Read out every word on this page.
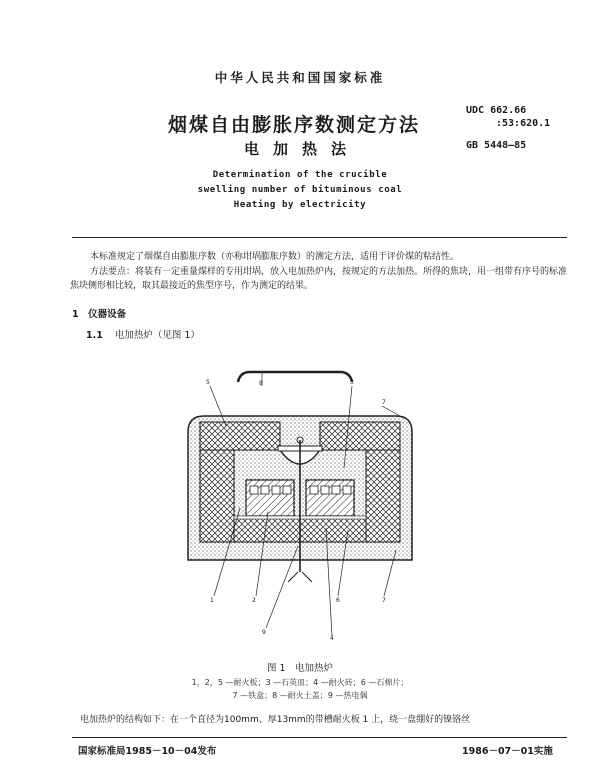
中华人民共和国国家标准
烟煤自由膨胀序数测定方法
电加热法
UDC 662.66
:53:620.1
GB 5448—85
Determination of the crucible
swelling number of bituminous coal
Heating by electricity
本标准规定了烟煤自由膨胀序数（亦称坩埚膨胀序数）的测定方法，适用于评价煤的粘结性。
方法要点：将装有一定重量煤样的专用坩埚，放入电加热炉内，按规定的方法加热。所得的焦块，用一组带有序号的标准焦块侧形相比较，取其最接近的焦型序号，作为测定的结果。
1　仪器设备
1.1 电加热炉（见图 1）
5	8	3
7
1	2	6	7
9
4
图 1　电加热炉
1，2，5 —耐火板；3 —石英皿；4 —耐火砖；6 —石棉片；
7 —铁盒；8 —耐火土盖；9 —热电偶
电加热炉的结构如下：在一个直径为100mm、厚13mm的带槽耐火板 1 上，绕一盘绷好的镍铬丝
国家标准局1985－10－04发布	1986－07－01实施
